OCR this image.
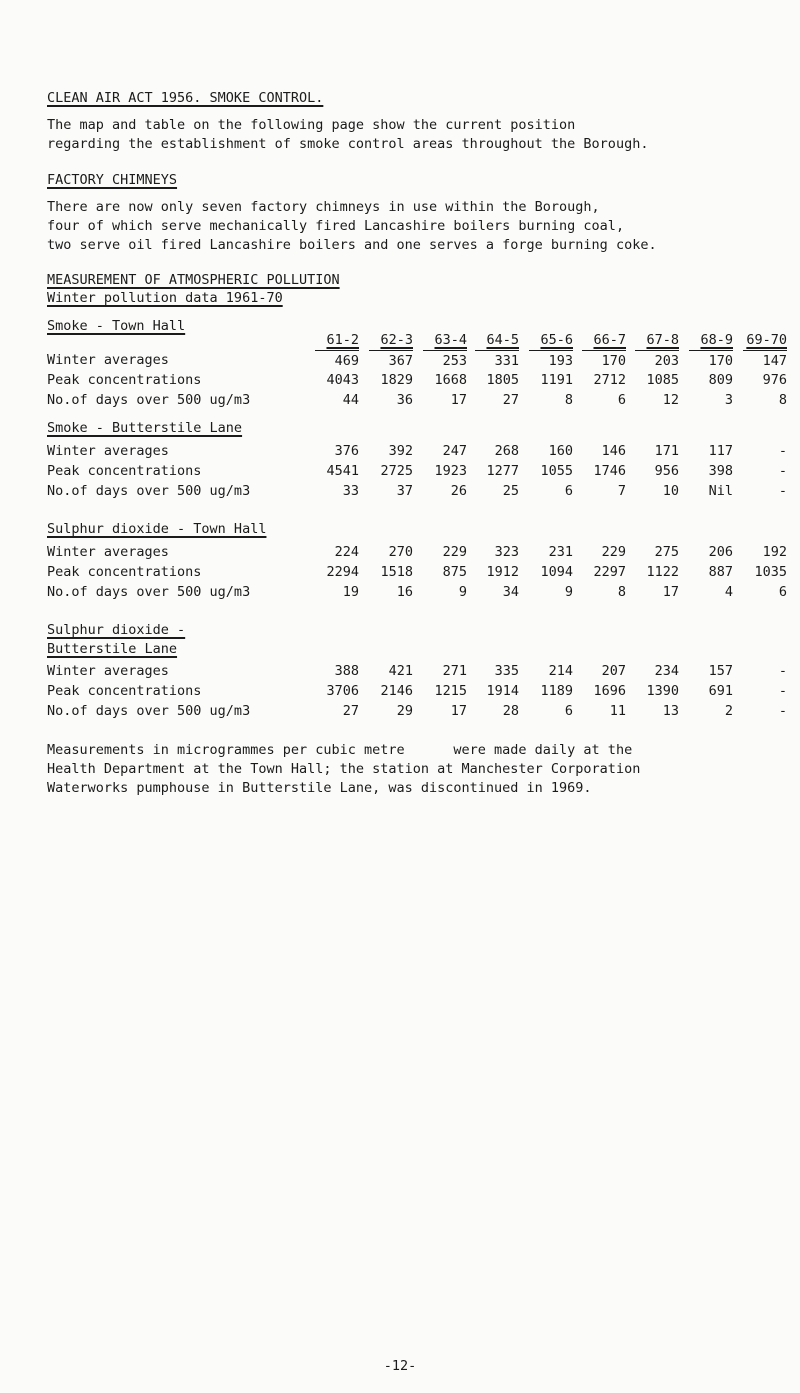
CLEAN AIR ACT 1956. SMOKE CONTROL.

The map and table on the following page show the current position
regarding the establishment of smoke control areas throughout the Borough.

FACTORY CHIMNEYS

There are now only seven factory chimneys in use within the Borough,
four of which serve mechanically fired Lancashire boilers burning coal,
two serve oil fired Lancashire boilers and one serves a forge burning coke.

MEASUREMENT OF ATMOSPHERIC POLLUTION
Winter pollution data 1961-70
Smoke - Town Hall
61-2	62-3	63-4	64-5	65-6	66-7	67-8	68-9 69-70
Winter averages	469	367	253	331	193	170	203	170	147
Peak concentrations	4043	1829	1668	1805	1191	2712	1085	809	976
No.of days over 500 ug/m3	44	36	17	27	8	6	12	3	8
Smoke - Butterstile Lane
Winter averages	376	392	247	268	160	146	171	117	-
Peak concentrations	4541	2725	1923	1277	1055	1746	956	398	-
No.of days over 500 ug/m3	33	37	26	25	6	7	10	Nil	-
Sulphur dioxide - Town Hall
Winter averages	224	270	229	323	231	229	275	206	192
Peak concentrations	2294	1518	875	1912	1094	2297	1122	887	1035
No.of days over 500 ug/m3	19	16	9	34	9	8	17	4	6
Sulphur dioxide -
Butterstile Lane
Winter averages	388	421	271	335	214	207	234	157	-
Peak concentrations	3706	2146	1215	1914	1189	1696	1390	691	-
No.of days over 500 ug/m3	27	29	17	28	6	11	13	2	-

Measurements in microgrammes per cubic metre      were made daily at the
Health Department at the Town Hall; the station at Manchester Corporation
Waterworks pumphouse in Butterstile Lane, was discontinued in 1969.

-12-
